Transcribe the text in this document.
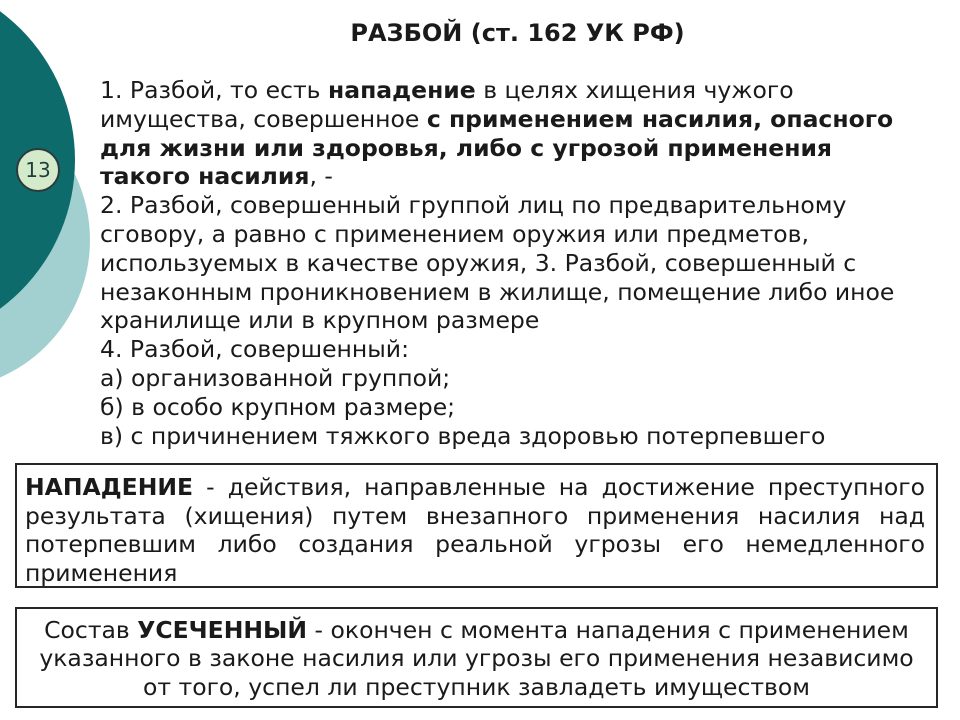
13
РАЗБОЙ (ст. 162 УК РФ)
1. Разбой, то есть нападение в целях хищения чужого
имущества, совершенное с применением насилия, опасного
для жизни или здоровья, либо с угрозой применения
такого насилия, -
2. Разбой, совершенный группой лиц по предварительному
сговору, а равно с применением оружия или предметов,
используемых в качестве оружия, 3. Разбой, совершенный с
незаконным проникновением в жилище, помещение либо иное
хранилище или в крупном размере
4. Разбой, совершенный:
а) организованной группой;
б) в особо крупном размере;
в) с причинением тяжкого вреда здоровью потерпевшего
НАПАДЕНИЕ - действия, направленные на достижение преступного
результата (хищения) путем внезапного применения насилия над
потерпевшим либо создания реальной угрозы его немедленного
применения
Состав УСЕЧЕННЫЙ - окончен с момента нападения с применением
указанного в законе насилия или угрозы его применения независимо
от того, успел ли преступник завладеть имуществом
